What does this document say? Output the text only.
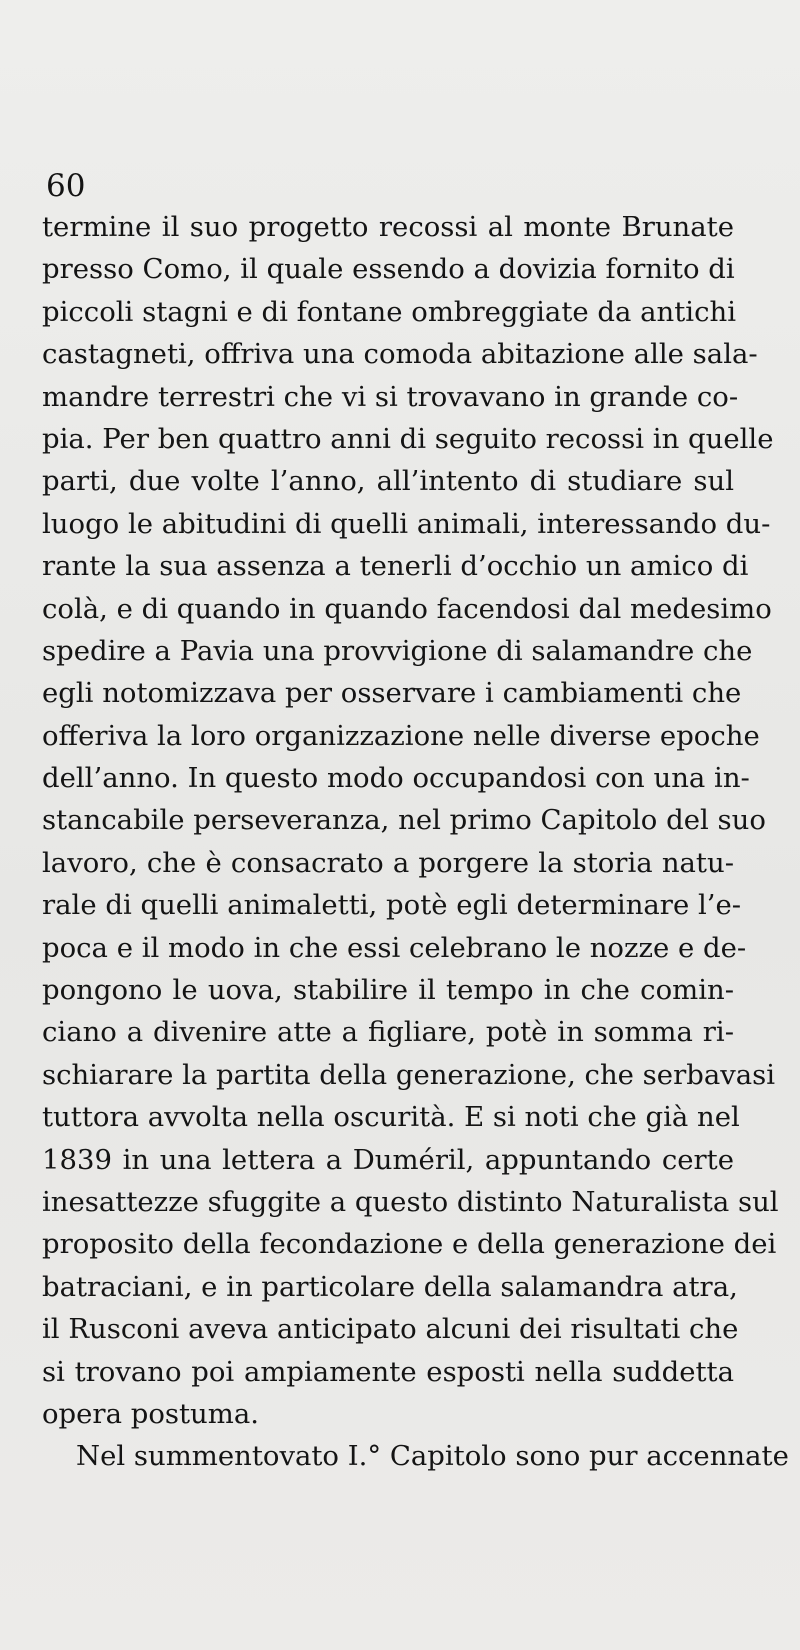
60
termine il suo progetto recossi al monte Brunate
presso Como, il quale essendo a dovizia fornito di
piccoli stagni e di fontane ombreggiate da antichi
castagneti, offriva una comoda abitazione alle sala-
mandre terrestri che vi si trovavano in grande co-
pia. Per ben quattro anni di seguito recossi in quelle
parti, due volte l’anno, all’intento di studiare sul
luogo le abitudini di quelli animali, interessando du-
rante la sua assenza a tenerli d’occhio un amico di
colà, e di quando in quando facendosi dal medesimo
spedire a Pavia una provvigione di salamandre che
egli notomizzava per osservare i cambiamenti che
offeriva la loro organizzazione nelle diverse epoche
dell’anno. In questo modo occupandosi con una in-
stancabile perseveranza, nel primo Capitolo del suo
lavoro, che è consacrato a porgere la storia natu-
rale di quelli animaletti, potè egli determinare l’e-
poca e il modo in che essi celebrano le nozze e de-
pongono le uova, stabilire il tempo in che comin-
ciano a divenire atte a figliare, potè in somma ri-
schiarare la partita della generazione, che serbavasi
tuttora avvolta nella oscurità. E si noti che già nel
1839 in una lettera a Duméril, appuntando certe
inesattezze sfuggite a questo distinto Naturalista sul
proposito della fecondazione e della generazione dei
batraciani, e in particolare della salamandra atra,
il Rusconi aveva anticipato alcuni dei risultati che
si trovano poi ampiamente esposti nella suddetta
opera postuma.
Nel summentovato I.° Capitolo sono pur accennate
